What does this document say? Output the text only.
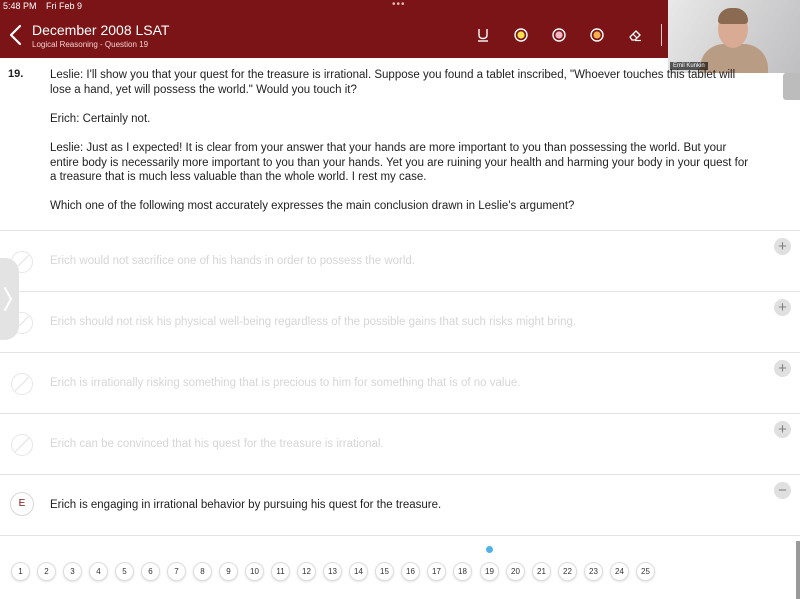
5:48 PM Fri Feb 9	•••
December 2008 LSAT
Logical Reasoning - Question 19
Emil Kunkin
19. Leslie: I'll show you that your quest for the treasure is irrational. Suppose you found a tablet inscribed, "Whoever touches this tablet will lose a hand, yet will possess the world." Would you touch it?

Erich: Certainly not.

Leslie: Just as I expected! It is clear from your answer that your hands are more important to you than possessing the world. But your entire body is necessarily more important to you than your hands. Yet you are ruining your health and harming your body in your quest for a treasure that is much less valuable than the whole world. I rest my case.

Which one of the following most accurately expresses the main conclusion drawn in Leslie's argument?

Erich would not sacrifice one of his hands in order to possess the world.
+
Erich should not risk his physical well-being regardless of the possible gains that such risks might bring.
+
Erich is irrationally risking something that is precious to him for something that is of no value.
+
Erich can be convinced that his quest for the treasure is irrational.
+
E	Erich is engaging in irrational behavior by pursuing his quest for the treasure.
−
1	2	3	4	5	6	7	8	9	10	11	12	13	14	15	16	17	18	19	20	21	22	23	24	25
